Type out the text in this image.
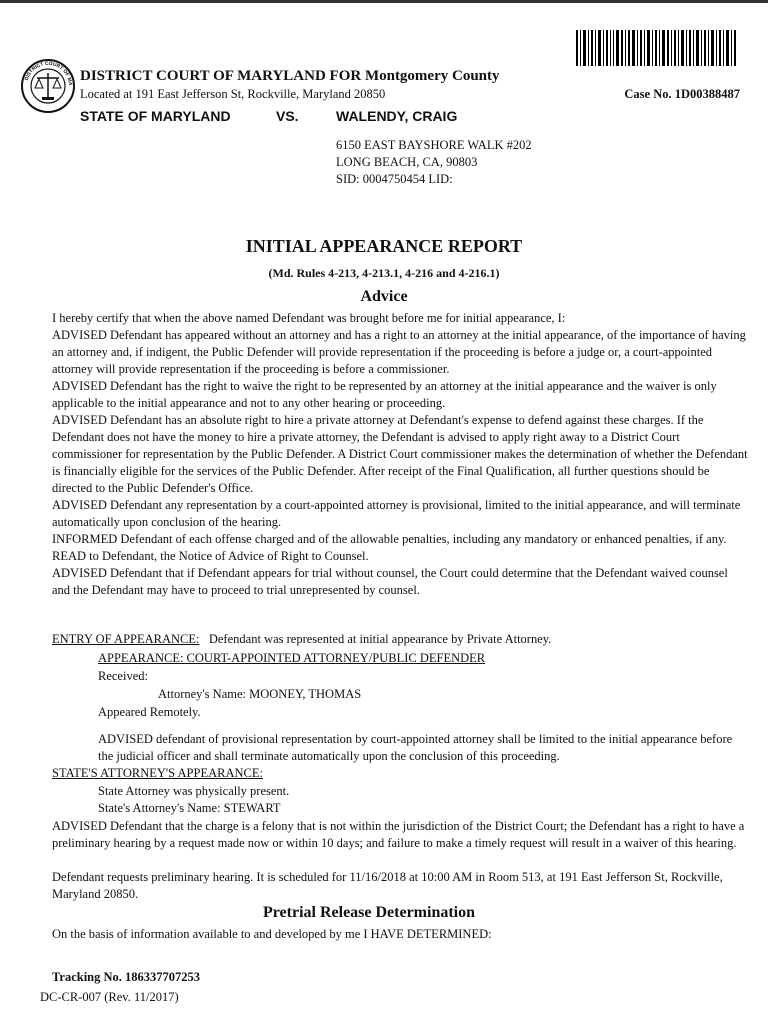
DISTRICT COURT OF MA DISTRICT COURT OF MARYLAND FOR Montgomery County
Located at 191 East Jefferson St, Rockville, Maryland 20850	Case No. 1D00388487
STATE OF MARYLAND	VS.	WALENDY, CRAIG
6150 EAST BAYSHORE WALK #202
LONG BEACH, CA, 90803
SID: 0004750454 LID:
INITIAL APPEARANCE REPORT
(Md. Rules 4-213, 4-213.1, 4-216 and 4-216.1)
Advice

I hereby certify that when the above named Defendant was brought before me for initial appearance, I:

ADVISED Defendant has appeared without an attorney and has a right to an attorney at the initial appearance, of the importance of having an attorney and, if indigent, the Public Defender will provide representation if the proceeding is before a judge or, a court-appointed attorney will provide representation if the proceeding is before a commissioner.

ADVISED Defendant has the right to waive the right to be represented by an attorney at the initial appearance and the waiver is only applicable to the initial appearance and not to any other hearing or proceeding.

ADVISED Defendant has an absolute right to hire a private attorney at Defendant's expense to defend against these charges. If the Defendant does not have the money to hire a private attorney, the Defendant is advised to apply right away to a District Court commissioner for representation by the Public Defender. A District Court commissioner makes the determination of whether the Defendant is financially eligible for the services of the Public Defender. After receipt of the Final Qualification, all further questions should be directed to the Public Defender's Office.

ADVISED Defendant any representation by a court-appointed attorney is provisional, limited to the initial appearance, and will terminate automatically upon conclusion of the hearing.

INFORMED Defendant of each offense charged and of the allowable penalties, including any mandatory or enhanced penalties, if any.

READ to Defendant, the Notice of Advice of Right to Counsel.

ADVISED Defendant that if Defendant appears for trial without counsel, the Court could determine that the Defendant waived counsel and the Defendant may have to proceed to trial unrepresented by counsel.

ENTRY OF APPEARANCE: Defendant was represented at initial appearance by Private Attorney.
APPEARANCE: COURT-APPOINTED ATTORNEY/PUBLIC DEFENDER
Received:
Attorney's Name: MOONEY, THOMAS
Appeared Remotely.
ADVISED defendant of provisional representation by court-appointed attorney shall be limited to the initial appearance before the judicial officer and shall terminate automatically upon the conclusion of this proceeding.
STATE'S ATTORNEY'S APPEARANCE:
State Attorney was physically present.
State's Attorney's Name: STEWART
ADVISED Defendant that the charge is a felony that is not within the jurisdiction of the District Court; the Defendant has a right to have a preliminary hearing by a request made now or within 10 days; and failure to make a timely request will result in a waiver of this hearing.
Defendant requests preliminary hearing. It is scheduled for 11/16/2018 at 10:00 AM in Room 513, at 191 East Jefferson St, Rockville, Maryland 20850.
Pretrial Release Determination
On the basis of information available to and developed by me I HAVE DETERMINED:
Tracking No. 186337707253
DC-CR-007 (Rev. 11/2017)
